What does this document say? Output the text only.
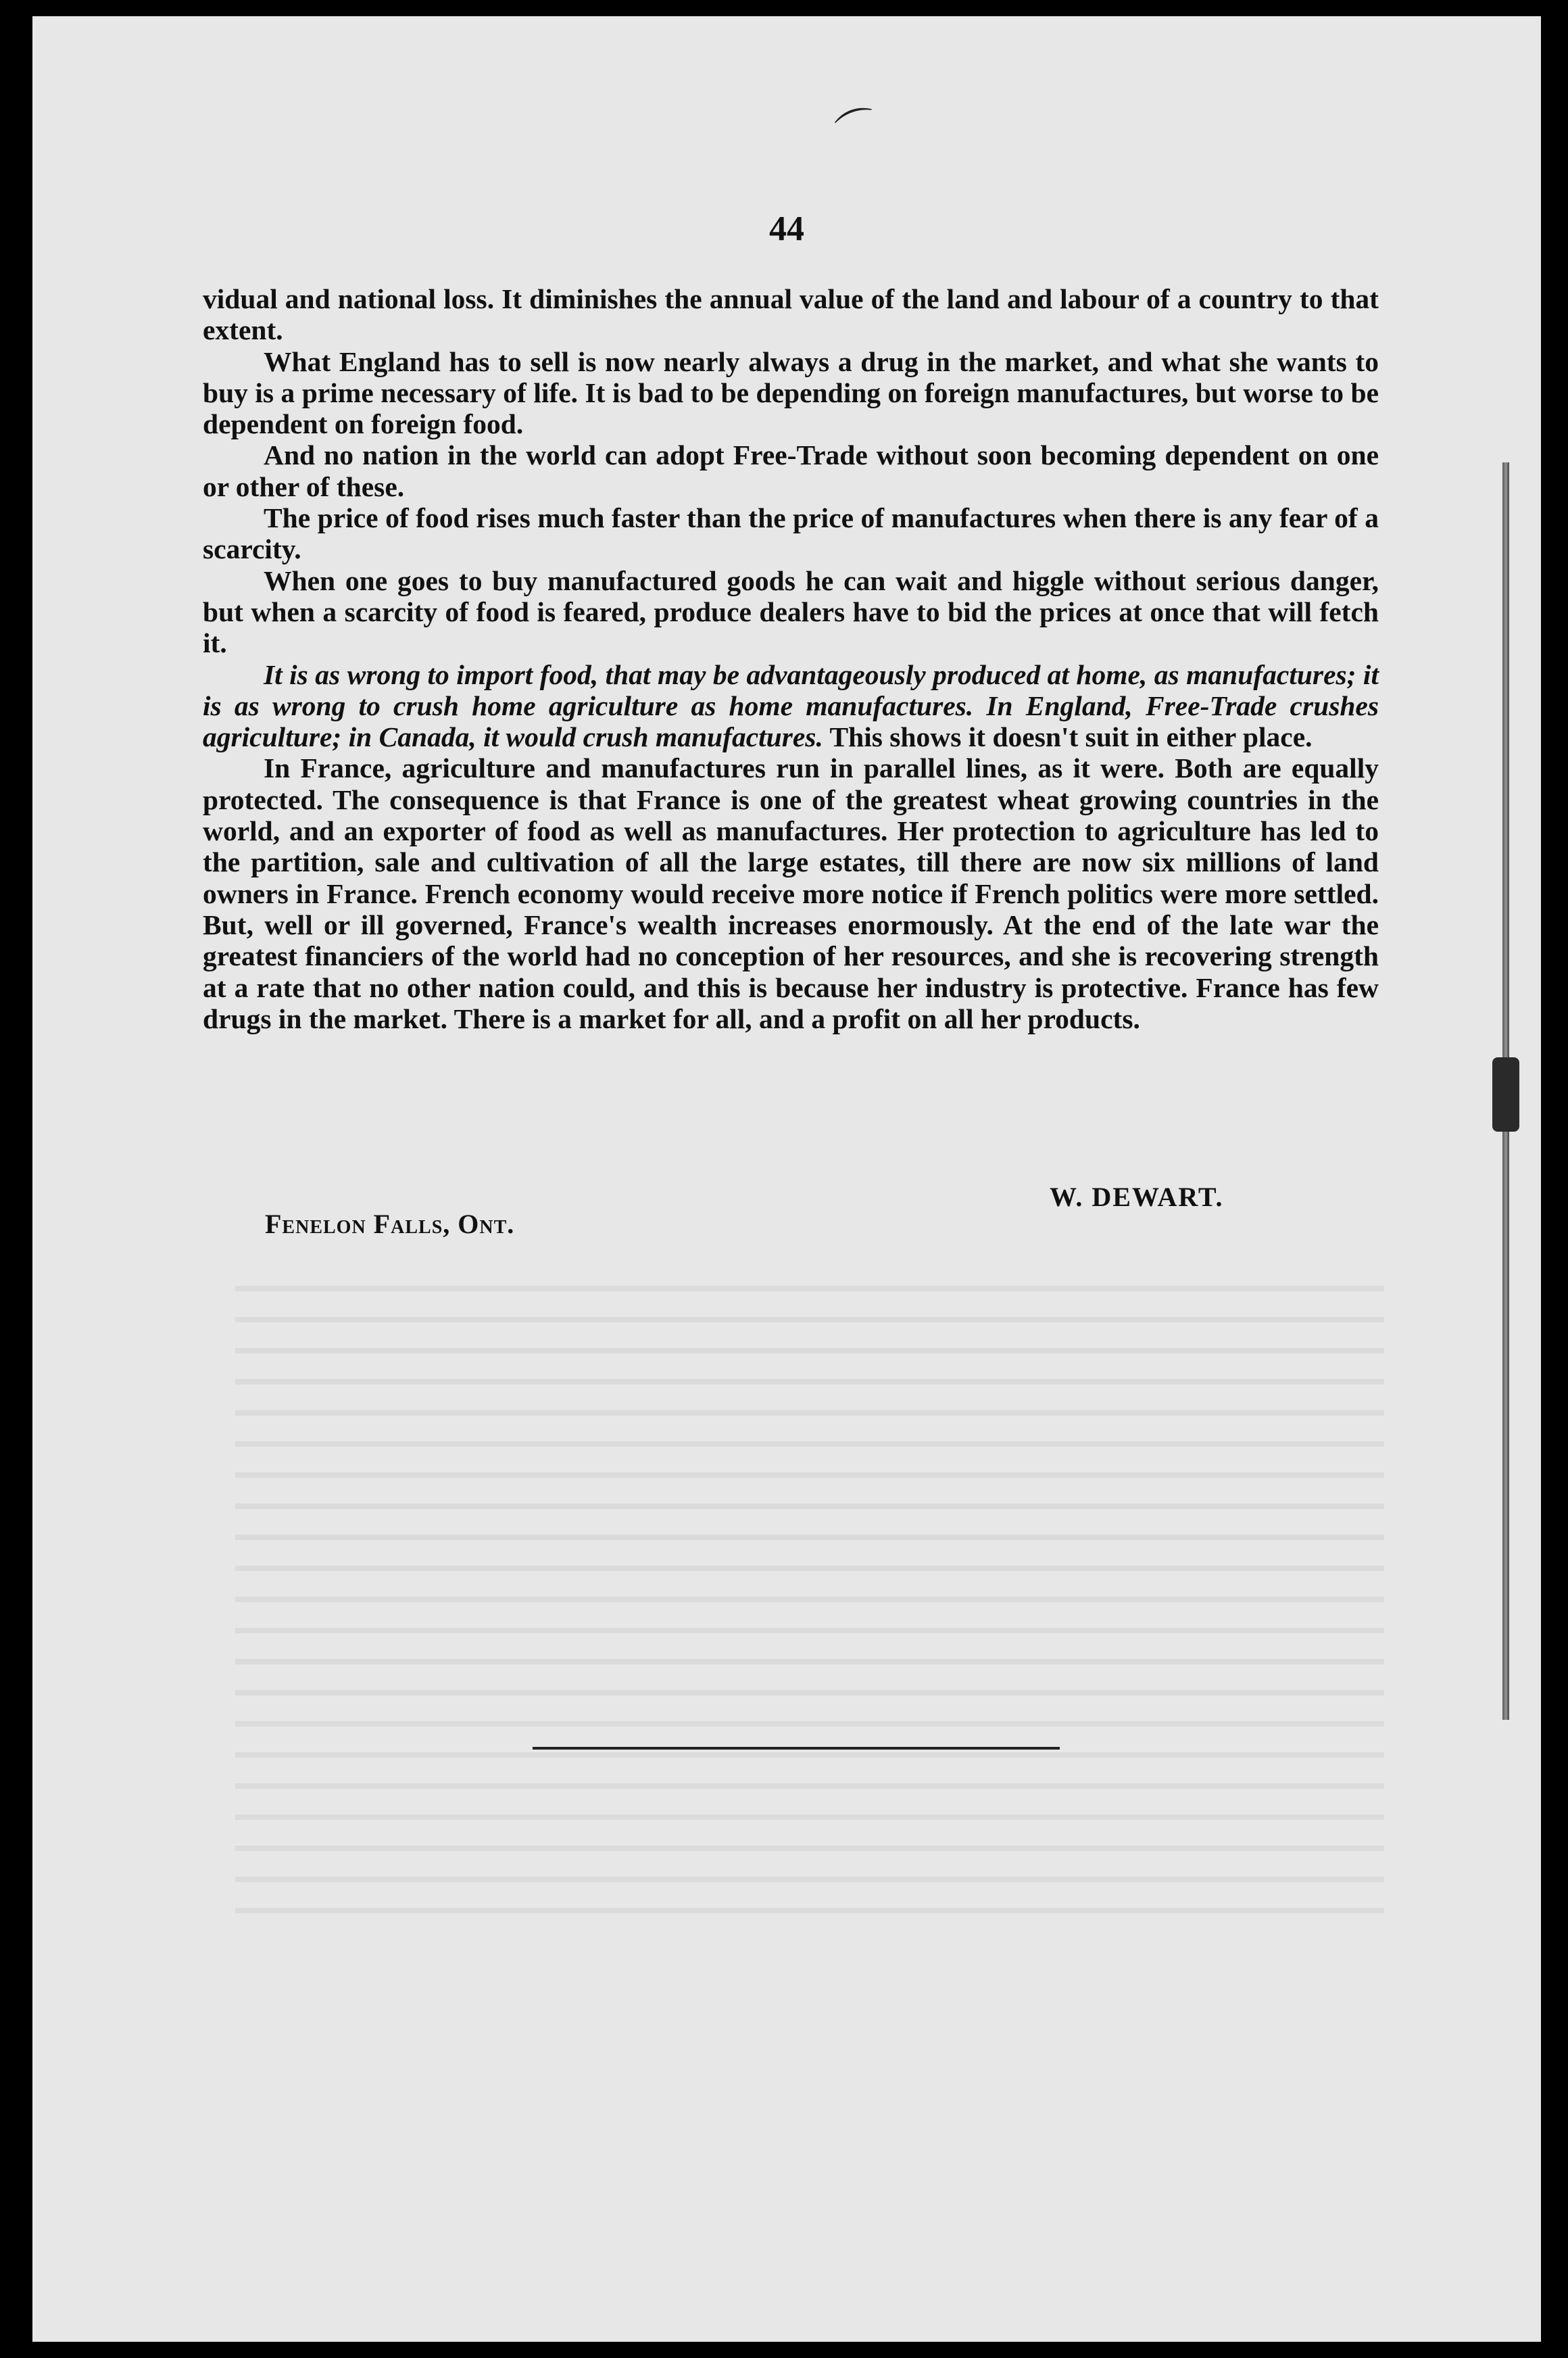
⌒
44

vidual and national loss. It diminishes the annual value of the land and labour of a country to that extent.

What England has to sell is now nearly always a drug in the market, and what she wants to buy is a prime necessary of life. It is bad to be depending on foreign manufactures, but worse to be dependent on foreign food.

And no nation in the world can adopt Free-Trade without soon becoming dependent on one or other of these.

The price of food rises much faster than the price of manufactures when there is any fear of a scarcity.

When one goes to buy manufactured goods he can wait and higgle without serious danger, but when a scarcity of food is feared, produce dealers have to bid the prices at once that will fetch it.

It is as wrong to import food, that may be advantageously produced at home, as manufactures; it is as wrong to crush home agriculture as home manufactures. In England, Free-Trade crushes agriculture; in Canada, it would crush manufactures. This shows it doesn't suit in either place.

In France, agriculture and manufactures run in parallel lines, as it were. Both are equally protected. The consequence is that France is one of the greatest wheat growing countries in the world, and an exporter of food as well as manufactures. Her protection to agriculture has led to the partition, sale and cultivation of all the large estates, till there are now six millions of land owners in France. French economy would receive more notice if French politics were more settled. But, well or ill governed, France's wealth increases enormously. At the end of the late war the greatest financiers of the world had no conception of her resources, and she is recovering strength at a rate that no other nation could, and this is because her industry is protective. France has few drugs in the market. There is a market for all, and a profit on all her products.

W. DEWART.
Fenelon Falls, Ont.
